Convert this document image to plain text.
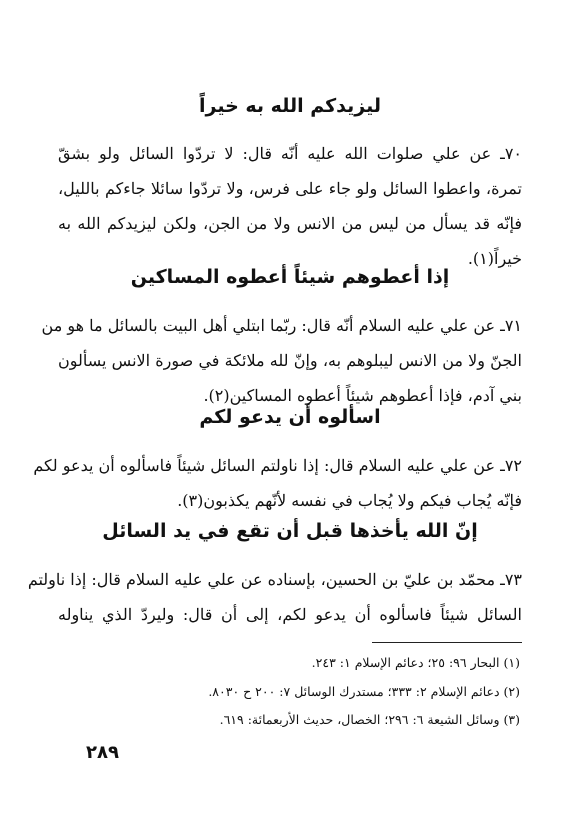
ليزيدكم الله به خيراً
٧٠ـ عن علي صلوات الله عليه أنّه قال: لا تردّوا السائل ولو بشقّ
تمرة، واعطوا السائل ولو جاء على فرس، ولا تردّوا سائلا جاءكم بالليل،
فإنّه قد يسأل من ليس من الانس ولا من الجن، ولكن ليزيدكم الله به
خيراً(١).
إذا أعطوهم شيئاً أعطوه المساكين
٧١ـ عن علي عليه السلام أنّه قال: ربّما ابتلي أهل البيت بالسائل ما هو من
الجنّ ولا من الانس ليبلوهم به، وإنّ لله ملائكة في صورة الانس يسألون
بني آدم، فإذا أعطوهم شيئاً أعطوه المساكين(٢).
اسألوه أن يدعو لكم
٧٢ـ عن علي عليه السلام قال: إذا ناولتم السائل شيئاً فاسألوه أن يدعو لكم
فإنّه يُجاب فيكم ولا يُجاب في نفسه لأنّهم يكذبون(٣).
إنّ الله يأخذها قبل أن تقع في يد السائل
٧٣ـ محمّد بن عليّ بن الحسين، بإسناده عن علي عليه السلام قال: إذا ناولتم
السائل شيئاً فاسألوه أن يدعو لكم، إلى أن قال: وليردّ الذي يناوله
(١) البحار ٩٦: ٢٥؛ دعائم الإسلام ١: ٢٤٣.
(٢) دعائم الإسلام ٢: ٣٣٣؛ مستدرك الوسائل ٧: ٢٠٠ ح ٨٠٣٠.
(٣) وسائل الشيعة ٦: ٢٩٦؛ الخصال، حديث الأربعمائة: ٦١٩.
٢٨٩
